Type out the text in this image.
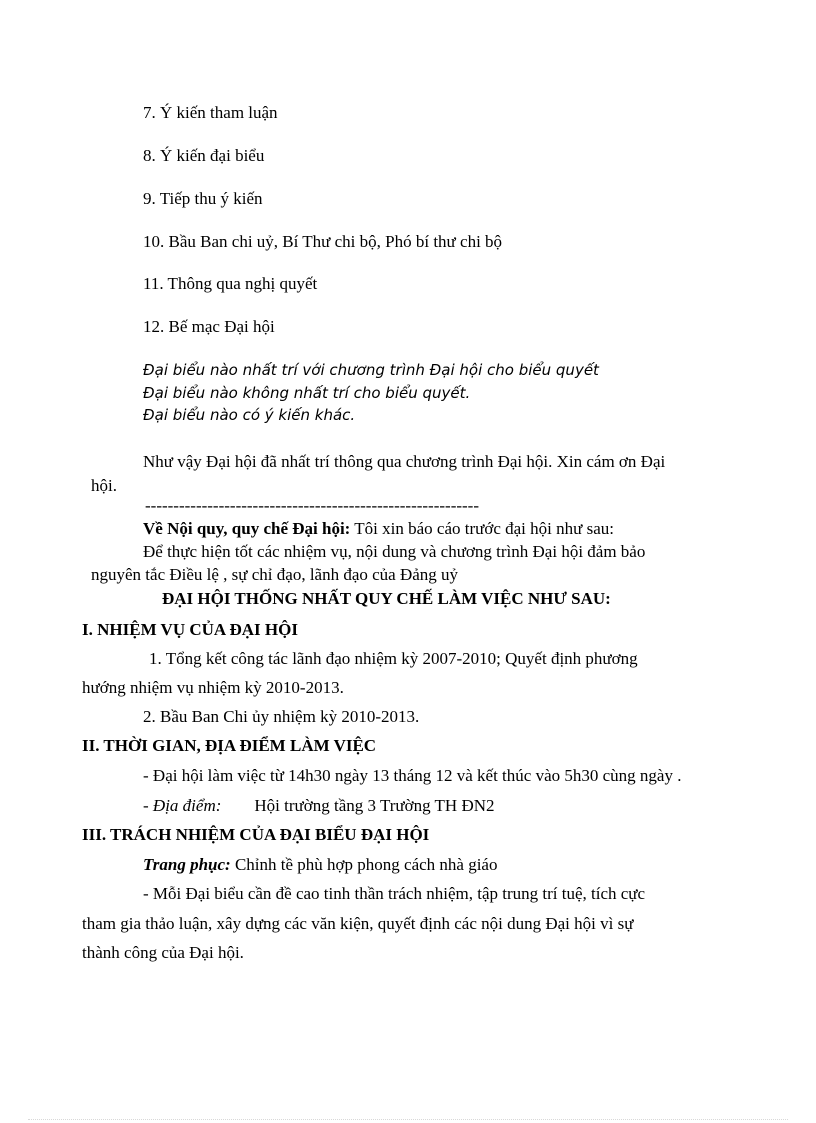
7. Ý kiến tham luận
8. Ý kiến đại biểu
9. Tiếp thu ý kiến
10. Bầu Ban chi uỷ, Bí Thư chi bộ, Phó bí thư chi bộ
11. Thông qua nghị quyết
12. Bế mạc Đại hội
Đại biểu nào nhất trí với chương trình Đại hội cho biểu quyết
Đại biểu nào không nhất trí cho biểu quyết.
Đại biểu nào có ý kiến khác.
Như vậy Đại hội đã nhất trí thông qua chương trình Đại hội. Xin cám ơn Đại
hội.
-----------------------------------------------------------
Về Nội quy, quy chế Đại hội: Tôi xin báo cáo trước đại hội như sau:
Để thực hiện tốt các nhiệm vụ, nội dung và chương trình Đại hội đảm bảo
nguyên tắc Điều lệ , sự chỉ đạo, lãnh đạo của Đảng uỷ
ĐẠI HỘI THỐNG NHẤT QUY CHẾ LÀM VIỆC NHƯ SAU:
I. NHIỆM VỤ CỦA ĐẠI HỘI
1. Tổng kết công tác lãnh đạo nhiệm kỳ 2007-2010; Quyết định phương
hướng nhiệm vụ nhiệm kỳ 2010-2013.
2. Bầu Ban Chi ủy nhiệm kỳ 2010-2013.
II. THỜI GIAN, ĐỊA ĐIỂM LÀM VIỆC
- Đại hội làm việc từ 14h30 ngày 13 tháng 12 và kết thúc vào 5h30 cùng ngày .
- Địa điểm: Hội trường tầng 3 Trường TH ĐN2
III. TRÁCH NHIỆM CỦA ĐẠI BIỂU ĐẠI HỘI
Trang phục: Chỉnh tề phù hợp phong cách nhà giáo
- Mỗi Đại biểu cần đề cao tinh thần trách nhiệm, tập trung trí tuệ, tích cực
tham gia thảo luận, xây dựng các văn kiện, quyết định các nội dung Đại hội vì sự
thành công của Đại hội.
